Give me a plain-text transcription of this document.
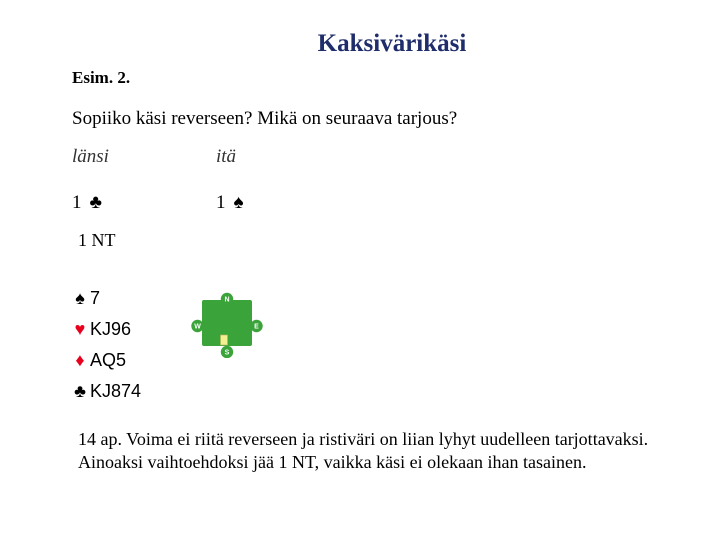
Kaksivärikäsi
Esim. 2.
Sopiiko käsi reverseen? Mikä on seuraava tarjous?
länsi	itä
1 ♣	1 ♠
1 NT
♠ 7
♥ KJ96
♦ AQ5
♣ KJ874
N
W	E
S
14 ap. Voima ei riitä reverseen ja ristiväri on liian lyhyt uudelleen tarjottavaksi. Ainoaksi vaihtoehdoksi jää 1 NT, vaikka käsi ei olekaan ihan tasainen.
